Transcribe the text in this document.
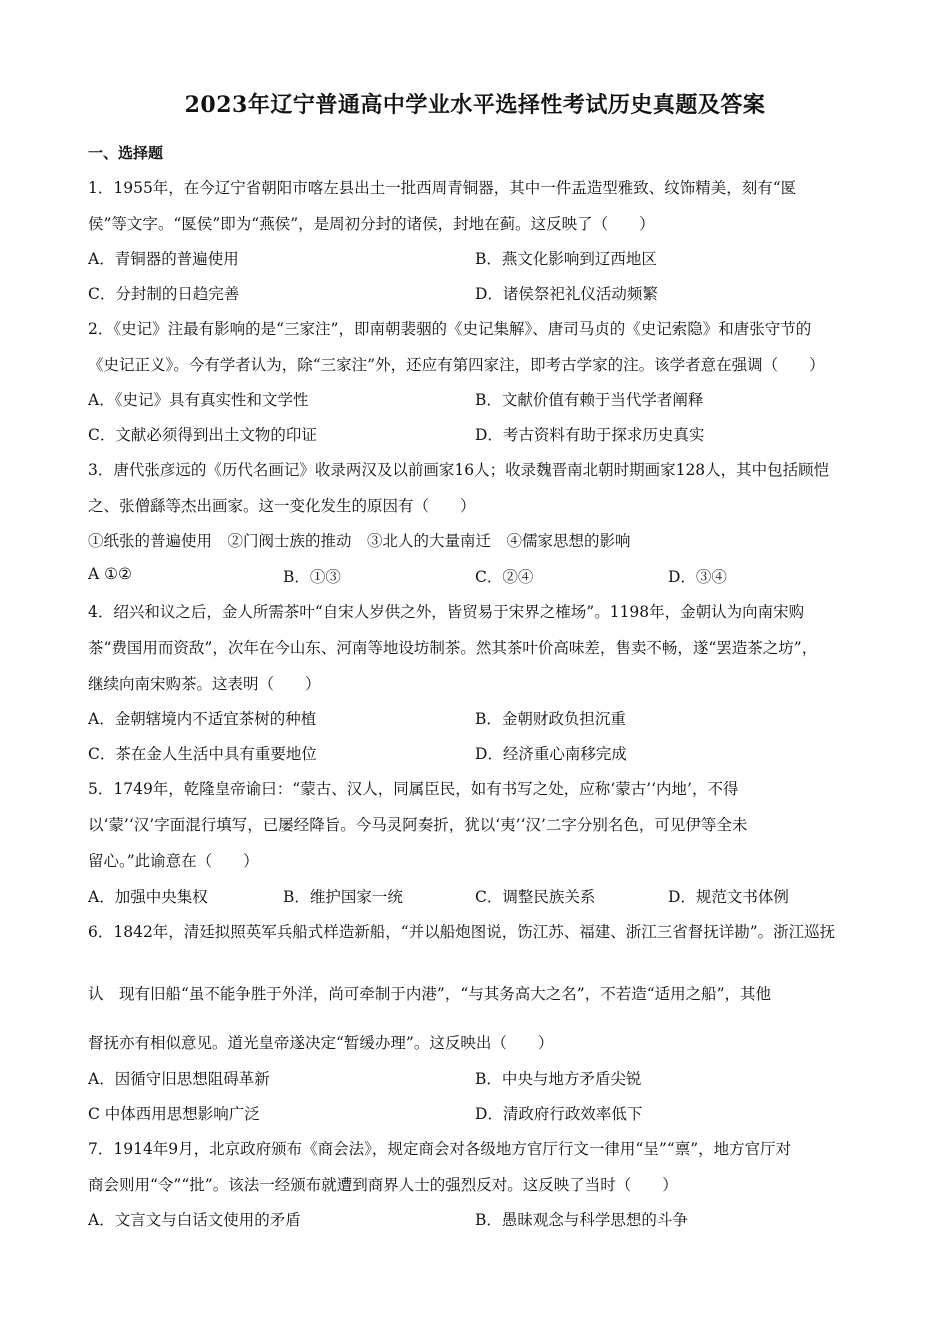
2023年辽宁普通高中学业水平选择性考试历史真题及答案
一、选择题
1．1955年，在今辽宁省朝阳市喀左县出土一批西周青铜器，其中一件盂造型雅致、纹饰精美，刻有“匽
侯”等文字。“匽侯”即为“燕侯”，是周初分封的诸侯，封地在蓟。这反映了（　　）
A．青铜器的普遍使用	B．燕文化影响到辽西地区
C．分封制的日趋完善	D．诸侯祭祀礼仪活动频繁
2．《史记》注最有影响的是“三家注”，即南朝裴骃的《史记集解》、唐司马贞的《史记索隐》和唐张守节的
《史记正义》。今有学者认为，除“三家注”外，还应有第四家注，即考古学家的注。该学者意在强调（　　）
A．《史记》具有真实性和文学性	B．文献价值有赖于当代学者阐释
C．文献必须得到出土文物的印证	D．考古资料有助于探求历史真实
3．唐代张彦远的《历代名画记》收录两汉及以前画家16人；收录魏晋南北朝时期画家128人，其中包括顾恺
之、张僧繇等杰出画家。这一变化发生的原因有（　　）
①纸张的普遍使用　②门阀士族的推动　③北人的大量南迁　④儒家思想的影响
A ①②	B．①③	C．②④	D．③④
4．绍兴和议之后，金人所需茶叶“自宋人岁供之外，皆贸易于宋界之榷场”。1198年，金朝认为向南宋购
茶“费国用而资敌”，次年在今山东、河南等地设坊制茶。然其茶叶价高味差，售卖不畅，遂“罢造茶之坊”，
继续向南宋购茶。这表明（　　）
A．金朝辖境内不适宜茶树的种植	B．金朝财政负担沉重
C．茶在金人生活中具有重要地位	D．经济重心南移完成
5．1749年，乾隆皇帝谕曰：“蒙古、汉人，同属臣民，如有书写之处，应称‘蒙古’‘内地’，不得
以‘蒙’‘汉’字面混行填写，已屡经降旨。今马灵阿奏折，犹以‘夷’‘汉’二字分别名色，可见伊等全未
留心。”此谕意在（　　）
A．加强中央集权	B．维护国家一统	C．调整民族关系	D．规范文书体例
6．1842年，清廷拟照英军兵船式样造新船，“并以船炮图说，饬江苏、福建、浙江三省督抚详勘”。浙江巡抚
认　现有旧船“虽不能争胜于外洋，尚可牵制于内港”，“与其务高大之名”，不若造“适用之船”，其他
督抚亦有相似意见。道光皇帝遂决定“暂缓办理”。这反映出（　　）
A．因循守旧思想阻碍革新	B．中央与地方矛盾尖锐
C 中体西用思想影响广泛	D．清政府行政效率低下
7．1914年9月，北京政府颁布《商会法》，规定商会对各级地方官厅行文一律用“呈”“禀”，地方官厅对
商会则用“令”“批”。该法一经颁布就遭到商界人士的强烈反对。这反映了当时（　　）
A．文言文与白话文使用的矛盾	B．愚昧观念与科学思想的斗争
